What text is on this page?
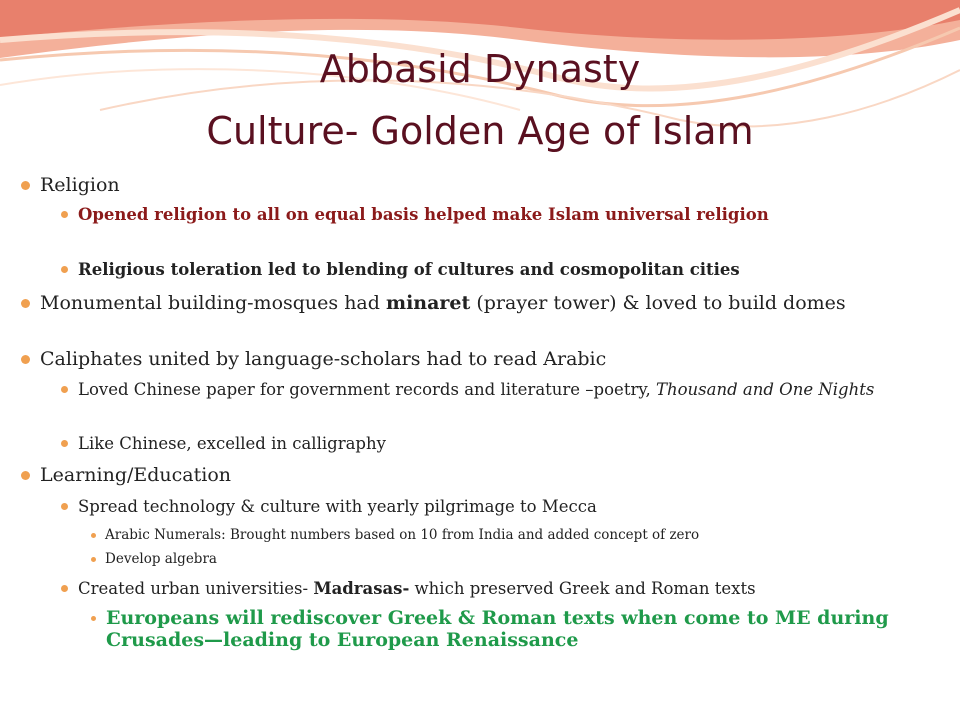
Abbasid Dynasty
Culture- Golden Age of Islam
Religion
Opened religion to all on equal basis helped make Islam universal religion
Religious toleration led to blending of cultures and cosmopolitan cities
Monumental building-mosques had minaret (prayer tower) & loved to build domes
Caliphates united by language-scholars had to read Arabic
Loved Chinese paper for government records and literature –poetry, Thousand and One Nights
Like Chinese, excelled in calligraphy
Learning/Education
Spread technology & culture with yearly pilgrimage to Mecca
Arabic Numerals: Brought numbers based on 10 from India and added concept of zero
Develop algebra
Created urban universities- Madrasas- which preserved Greek and Roman texts
Europeans will rediscover Greek & Roman texts when come to ME during Crusades—leading to European Renaissance
